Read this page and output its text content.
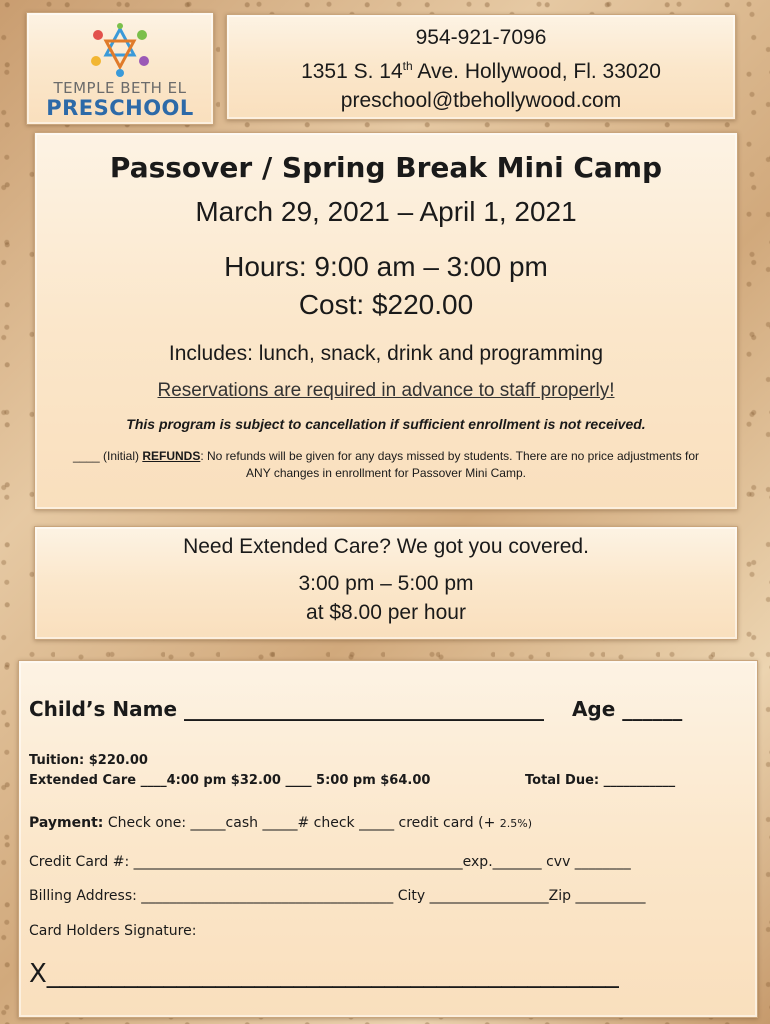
TEMPLE BETH EL
PRESCHOOL
954-921-7096
1351 S. 14th Ave. Hollywood, Fl. 33020
preschool@tbehollywood.com
Passover / Spring Break Mini Camp
March 29, 2021 – April 1, 2021
Hours: 9:00 am – 3:00 pm
Cost: $220.00
Includes: lunch, snack, drink and programming
Reservations are required in advance to staff properly!
This program is subject to cancellation if sufficient enrollment is not received.
____ (Initial) REFUNDS: No refunds will be given for any days missed by students. There are no price adjustments for ANY changes in enrollment for Passover Mini Camp.
Need Extended Care? We got you covered.
3:00 pm – 5:00 pm
at $8.00 per hour
Child’s Name ____________________________________ Age ______
Tuition: $220.00
Extended Care ____4:00 pm $32.00 ____ 5:00 pm $64.00	Total Due: ___________
Payment: Check one: _____cash _____# check _____ credit card (+ 2.5%)
Credit Card #: _______________________________________________exp._______ cvv ________
Billing Address: ____________________________________ City _________________Zip __________
Card Holders Signature:
X____________________________________________
